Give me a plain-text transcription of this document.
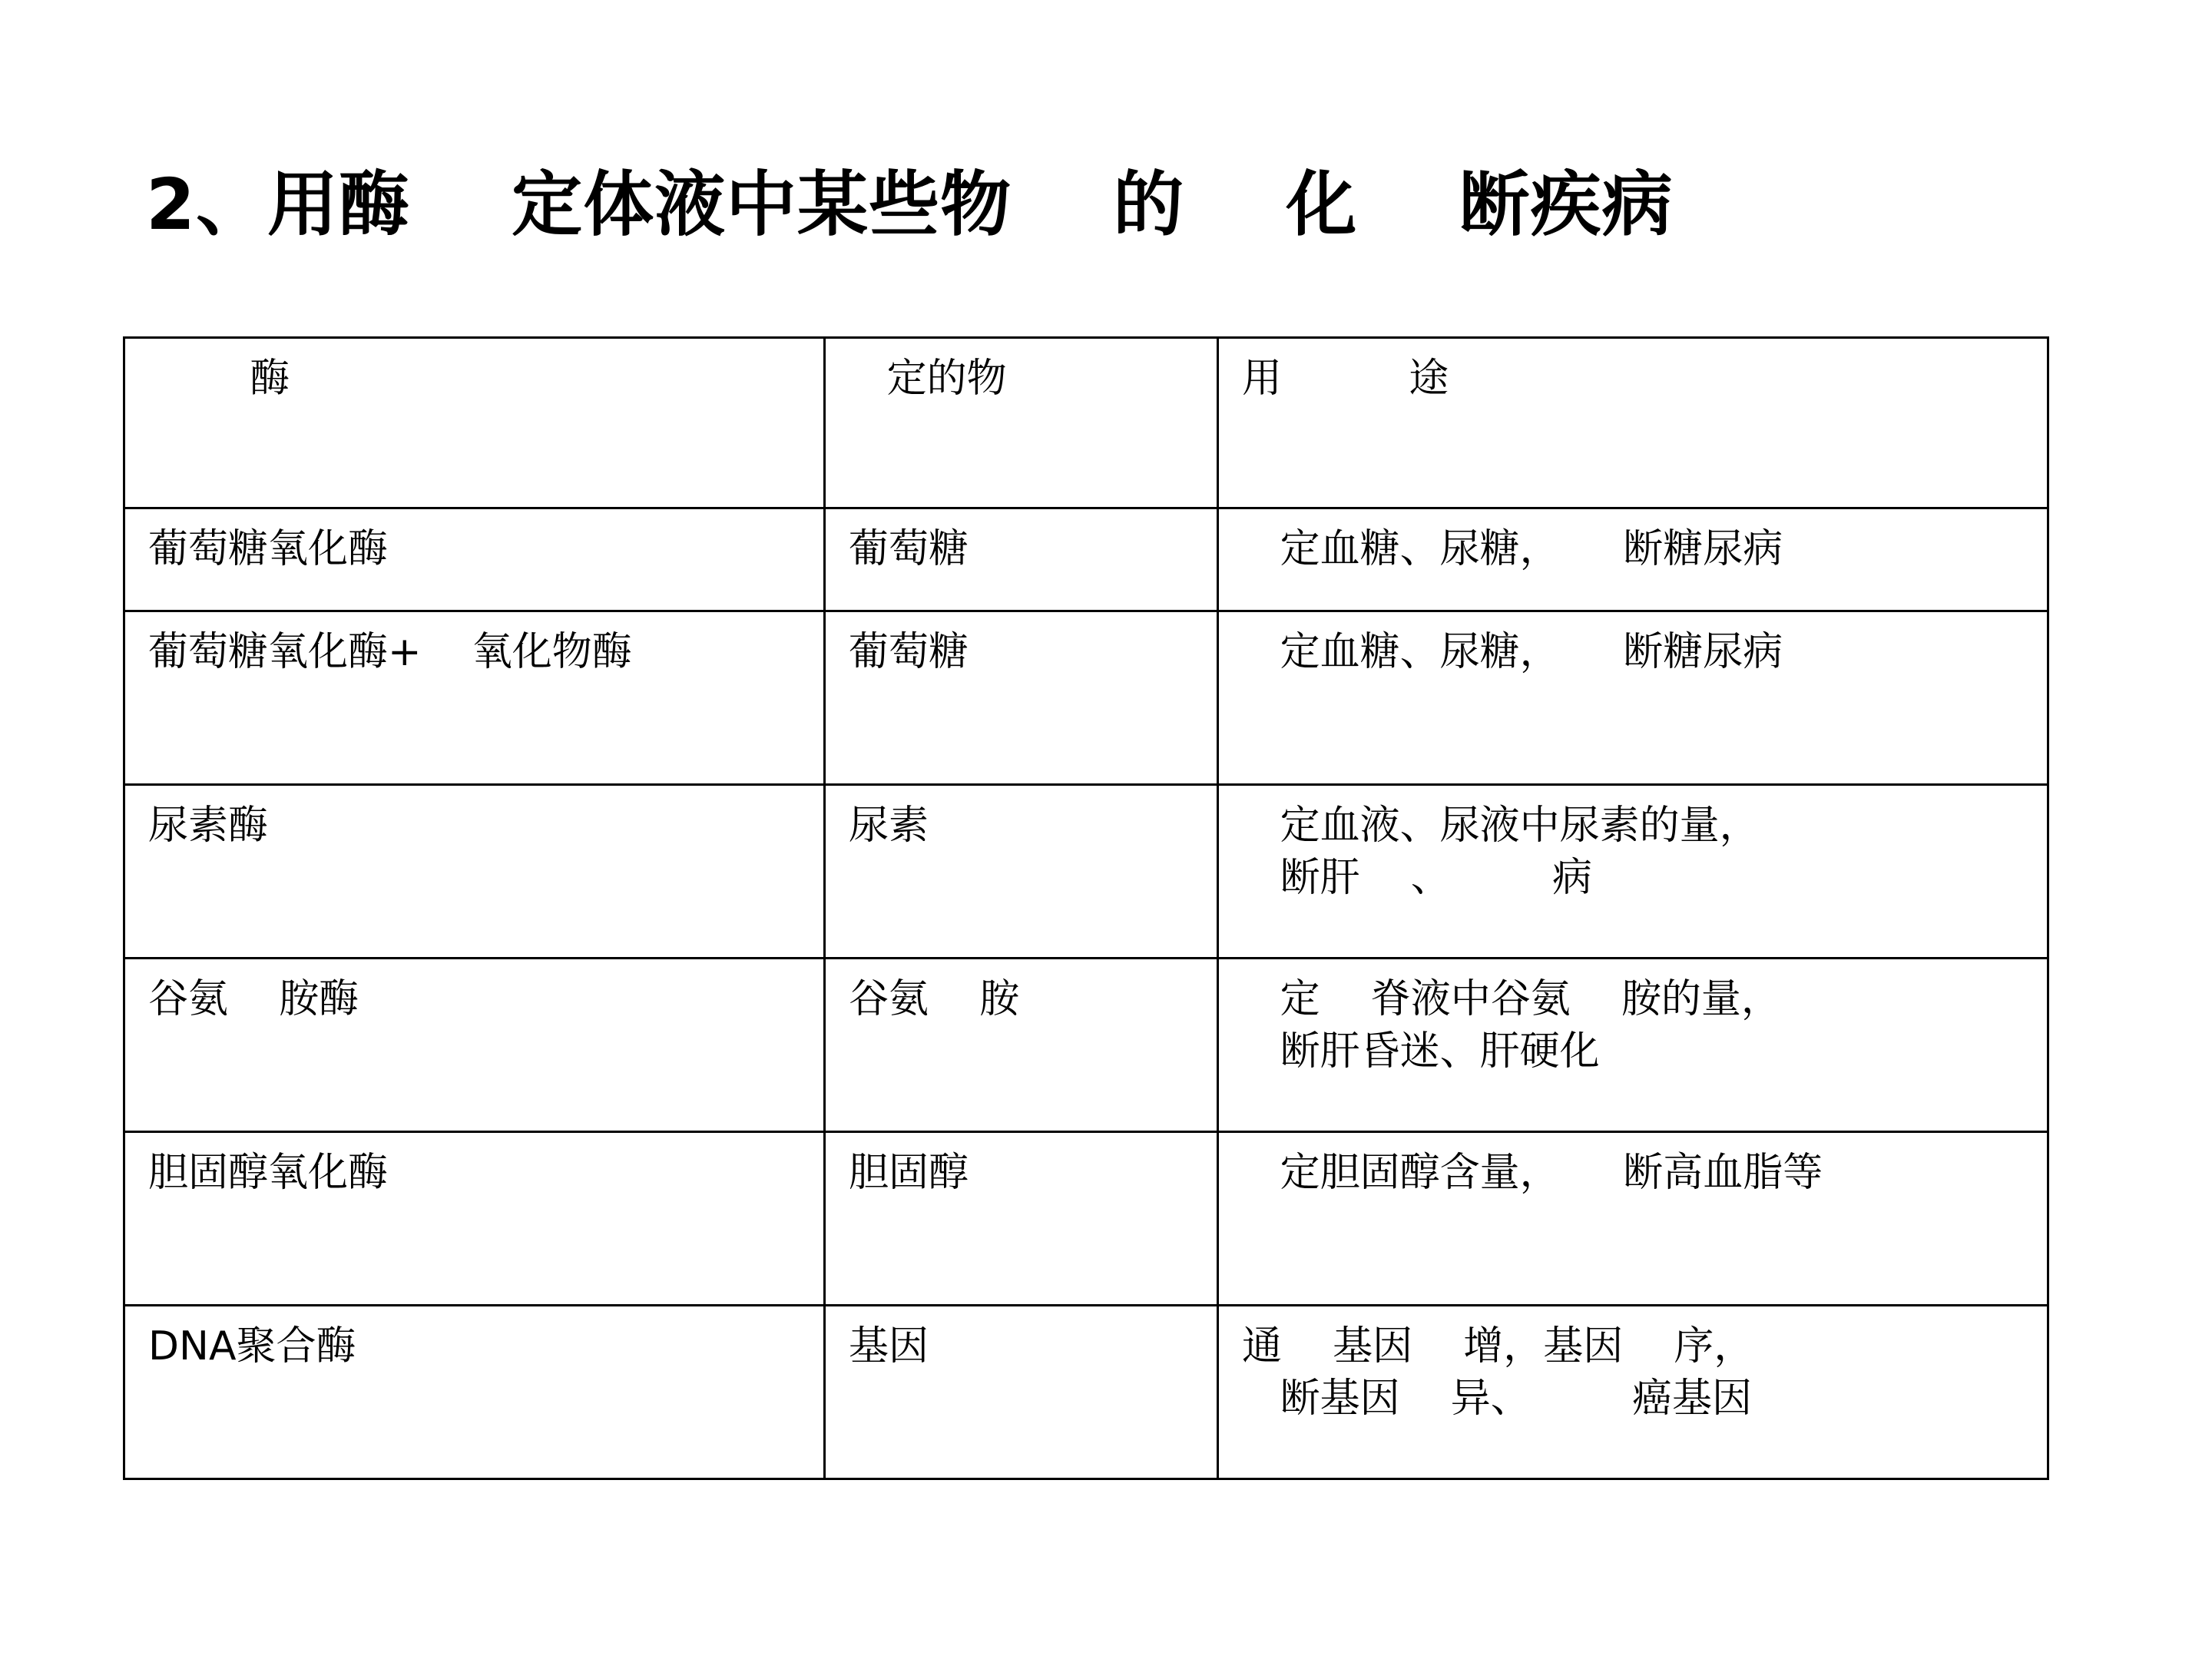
2、用酶    定体液中某些物    的    化    断疾病
酶	定的物	用          途

葡萄糖氧化酶	葡萄糖	定血糖、尿糖，     断糖尿病

葡萄糖氧化酶+    氧化物酶	葡萄糖	定血糖、尿糖，     断糖尿病

尿素酶	尿素	定血液、尿液中尿素的量，
断肝    、        病

谷氨    胺酶	谷氨    胺	定    脊液中谷氨    胺的量，
断肝昏迷、肝硬化

胆固醇氧化酶	胆固醇	定胆固醇含量，     断高血脂等

DNA聚合酶	基因	通    基因    增，基因    序，
断基因    异、        癌基因
